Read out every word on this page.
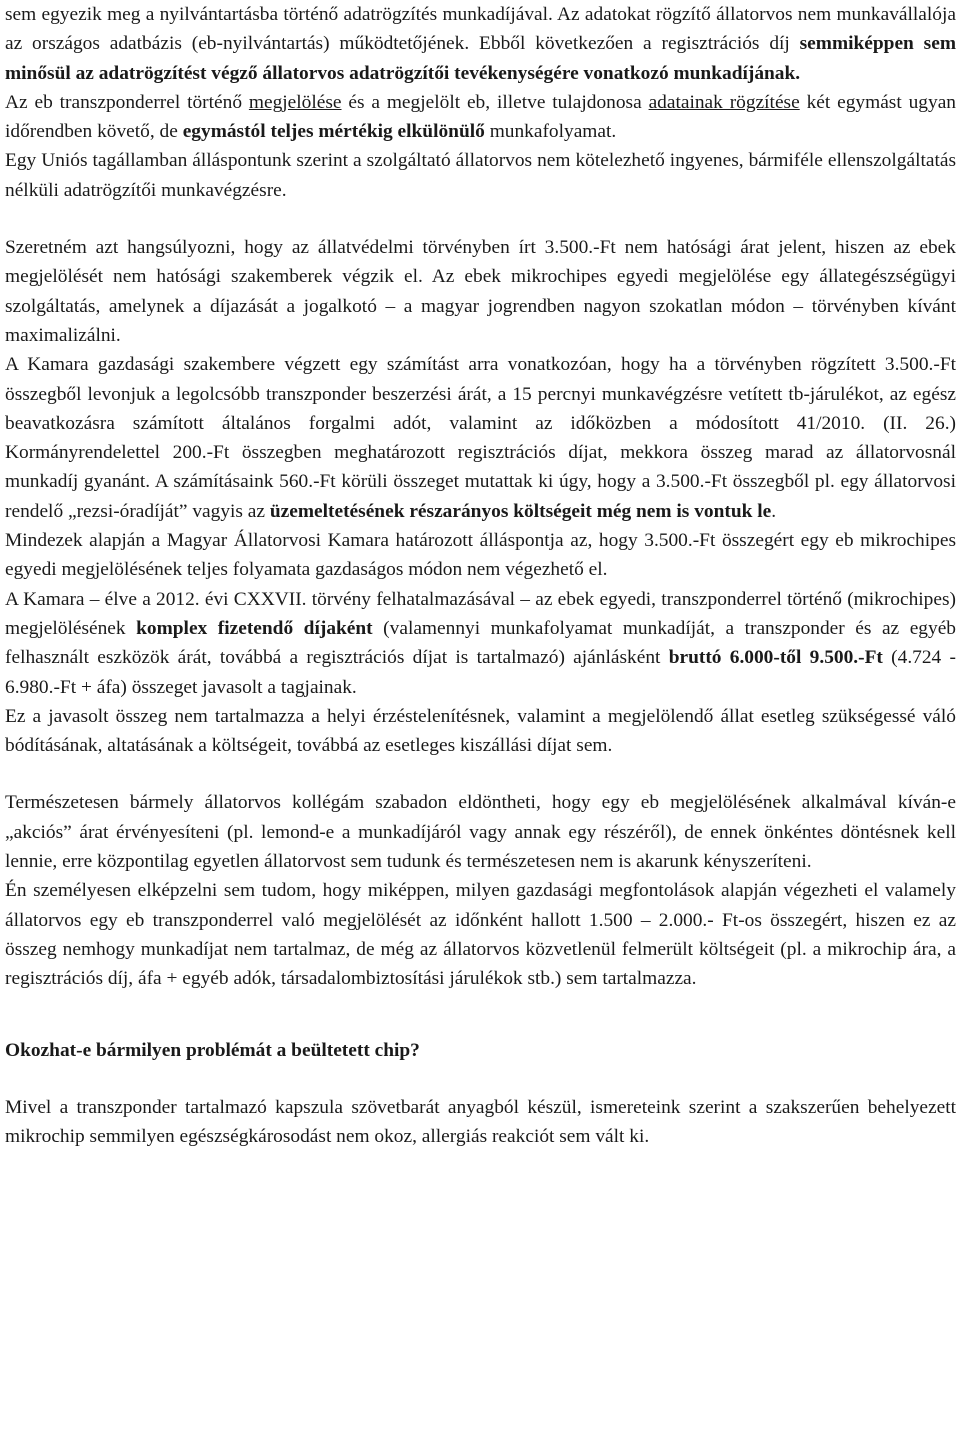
sem egyezik meg a nyilvántartásba történő adatrögzítés munkadíjával. Az adatokat rögzítő állatorvos nem munkavállalója az országos adatbázis (eb-nyilvántartás) működtetőjének. Ebből következően a regisztrációs díj semmiképpen sem minősül az adatrögzítést végző állatorvos adatrögzítői tevékenységére vonatkozó munkadíjának.

Az eb transzponderrel történő megjelölése és a megjelölt eb, illetve tulajdonosa adatainak rögzítése két egymást ugyan időrendben követő, de egymástól teljes mértékig elkülönülő munkafolyamat.

Egy Uniós tagállamban álláspontunk szerint a szolgáltató állatorvos nem kötelezhető ingyenes, bármiféle ellenszolgáltatás nélküli adatrögzítői munkavégzésre.

Szeretném azt hangsúlyozni, hogy az állatvédelmi törvényben írt 3.500.-Ft nem hatósági árat jelent, hiszen az ebek megjelölését nem hatósági szakemberek végzik el. Az ebek mikrochipes egyedi megjelölése egy állategészségügyi szolgáltatás, amelynek a díjazását a jogalkotó – a magyar jogrendben nagyon szokatlan módon – törvényben kívánt maximalizálni.

A Kamara gazdasági szakembere végzett egy számítást arra vonatkozóan, hogy ha a törvényben rögzített 3.500.-Ft összegből levonjuk a legolcsóbb transzponder beszerzési árát, a 15 percnyi munkavégzésre vetített tb-járulékot, az egész beavatkozásra számított általános forgalmi adót, valamint az időközben a módosított 41/2010. (II. 26.) Kormányrendelettel 200.-Ft összegben meghatározott regisztrációs díjat, mekkora összeg marad az állatorvosnál munkadíj gyanánt. A számításaink 560.-Ft körüli összeget mutattak ki úgy, hogy a 3.500.-Ft összegből pl. egy állatorvosi rendelő „rezsi-óradíját” vagyis az üzemeltetésének részarányos költségeit még nem is vontuk le.

Mindezek alapján a Magyar Állatorvosi Kamara határozott álláspontja az, hogy 3.500.-Ft összegért egy eb mikrochipes egyedi megjelölésének teljes folyamata gazdaságos módon nem végezhető el.

A Kamara – élve a 2012. évi CXXVII. törvény felhatalmazásával – az ebek egyedi, transzponderrel történő (mikrochipes) megjelölésének komplex fizetendő díjaként (valamennyi munkafolyamat munkadíját, a transzponder és az egyéb felhasznált eszközök árát, továbbá a regisztrációs díjat is tartalmazó) ajánlásként bruttó 6.000-től 9.500.-Ft (4.724 - 6.980.-Ft + áfa) összeget javasolt a tagjainak.

Ez a javasolt összeg nem tartalmazza a helyi érzéstelenítésnek, valamint a megjelölendő állat esetleg szükségessé váló bódításának, altatásának a költségeit, továbbá az esetleges kiszállási díjat sem.

Természetesen bármely állatorvos kollégám szabadon eldöntheti, hogy egy eb megjelölésének alkalmával kíván-e „akciós” árat érvényesíteni (pl. lemond-e a munkadíjáról vagy annak egy részéről), de ennek önkéntes döntésnek kell lennie, erre központilag egyetlen állatorvost sem tudunk és természetesen nem is akarunk kényszeríteni.

Én személyesen elképzelni sem tudom, hogy miképpen, milyen gazdasági megfontolások alapján végezheti el valamely állatorvos egy eb transzponderrel való megjelölését az időnként hallott 1.500 – 2.000.- Ft-os összegért, hiszen ez az összeg nemhogy munkadíjat nem tartalmaz, de még az állatorvos közvetlenül felmerült költségeit (pl. a mikrochip ára, a regisztrációs díj, áfa + egyéb adók, társadalombiztosítási járulékok stb.) sem tartalmazza.

Okozhat-e bármilyen problémát a beültetett chip?

Mivel a transzponder tartalmazó kapszula szövetbarát anyagból készül, ismereteink szerint a szakszerűen behelyezett mikrochip semmilyen egészségkárosodást nem okoz, allergiás reakciót sem vált ki.
